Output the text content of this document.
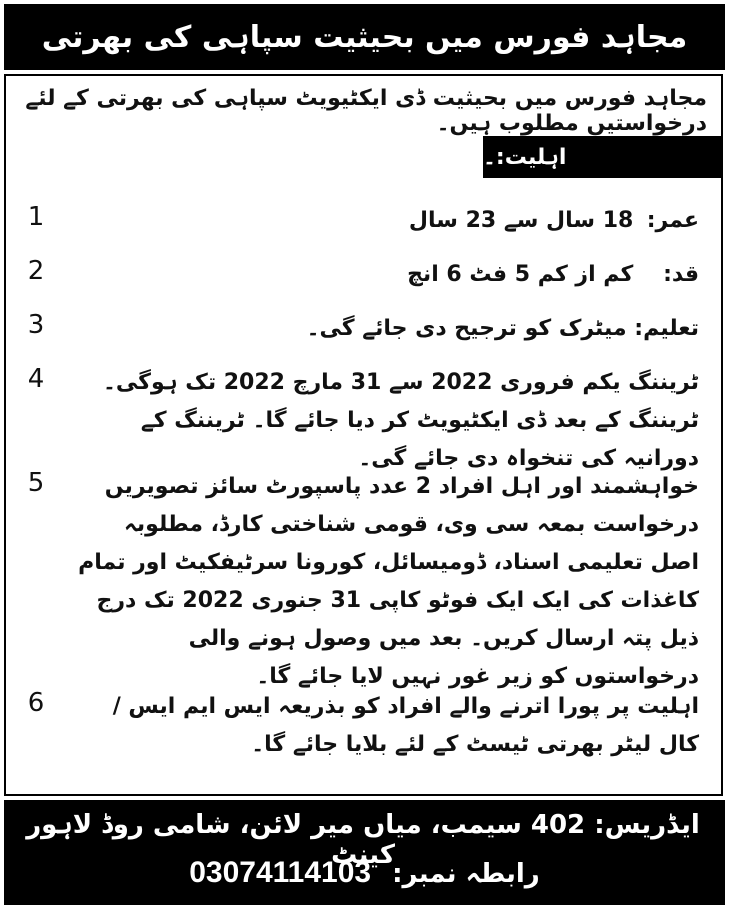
مجاہد فورس میں بحیثیت سپاہی کی بھرتی
مجاہد فورس میں بحیثیت ڈی ایکٹیویٹ سپاہی کی بھرتی کے لئے درخواستیں مطلوب ہیں۔
اہلیت:۔
1	عمر: 18 سال سے 23 سال
2	قد: کم از کم 5 فٹ 6 انچ
3	تعلیم: میٹرک کو ترجیح دی جائے گی۔
4	ٹریننگ یکم فروری 2022 سے 31 مارچ 2022 تک ہوگی۔ ٹریننگ کے بعد ڈی ایکٹیویٹ کر دیا جائے گا۔ ٹریننگ کے دورانیہ کی تنخواہ دی جائے گی۔
5	خواہشمند اور اہل افراد 2 عدد پاسپورٹ سائز تصویریں درخواست بمعہ سی وی، قومی شناختی کارڈ، مطلوبہ اصل تعلیمی اسناد، ڈومیسائل، کورونا سرٹیفکیٹ اور تمام کاغذات کی ایک ایک فوٹو کاپی 31 جنوری 2022 تک درج ذیل پتہ ارسال کریں۔ بعد میں وصول ہونے والی درخواستوں کو زیر غور نہیں لایا جائے گا۔
6	اہلیت پر پورا اترنے والے افراد کو بذریعہ ایس ایم ایس / کال لیٹر بھرتی ٹیسٹ کے لئے بلایا جائے گا۔
ایڈریس: 402 سیمب، میاں میر لائن، شامی روڈ لاہور کینٹ
رابطہ نمبر: 03074114103
